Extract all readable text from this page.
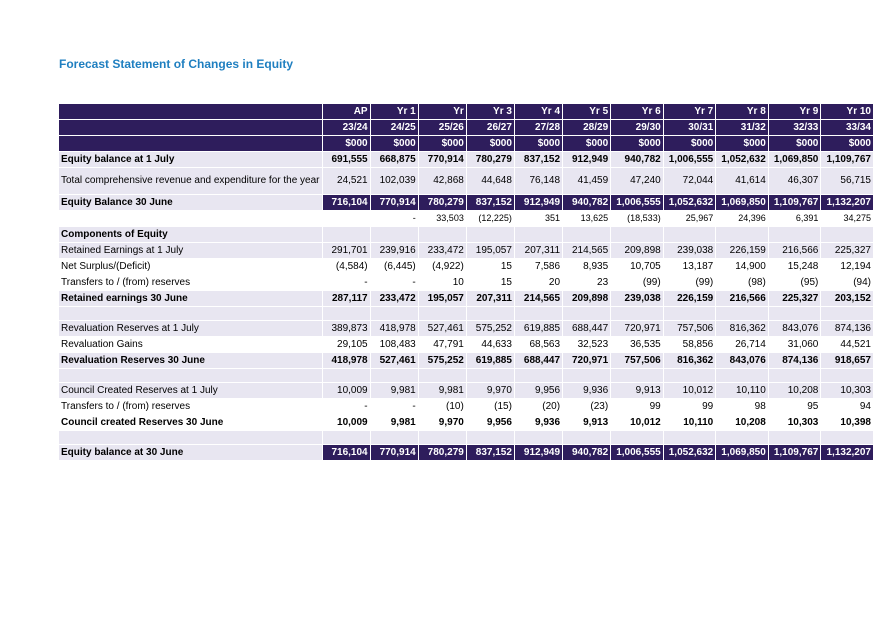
Forecast Statement of Changes in Equity
	AP	Yr 1	Yr	Yr 3	Yr 4	Yr 5	Yr 6	Yr 7	Yr 8	Yr 9	Yr 10
	23/24	24/25	25/26	26/27	27/28	28/29	29/30	30/31	31/32	32/33	33/34
	$000	$000	$000	$000	$000	$000	$000	$000	$000	$000	$000
Equity balance at 1 July	691,555	668,875	770,914	780,279	837,152	912,949	940,782	1,006,555	1,052,632	1,069,850	1,109,767
Total comprehensive revenue and expenditure for the year	24,521	102,039	42,868	44,648	76,148	41,459	47,240	72,044	41,614	46,307	56,715
Equity Balance 30 June	716,104	770,914	780,279	837,152	912,949	940,782	1,006,555	1,052,632	1,069,850	1,109,767	1,132,207
		-	33,503	(12,225)	351	13,625	(18,533)	25,967	24,396	6,391	34,275
Components of Equity											
Retained Earnings at 1 July	291,701	239,916	233,472	195,057	207,311	214,565	209,898	239,038	226,159	216,566	225,327
Net Surplus/(Deficit)	(4,584)	(6,445)	(4,922)	15	7,586	8,935	10,705	13,187	14,900	15,248	12,194
Transfers to / (from) reserves	-	-	10	15	20	23	(99)	(99)	(98)	(95)	(94)
Retained earnings 30 June	287,117	233,472	195,057	207,311	214,565	209,898	239,038	226,159	216,566	225,327	203,152

Revaluation Reserves at 1 July	389,873	418,978	527,461	575,252	619,885	688,447	720,971	757,506	816,362	843,076	874,136
Revaluation Gains	29,105	108,483	47,791	44,633	68,563	32,523	36,535	58,856	26,714	31,060	44,521
Revaluation Reserves 30 June	418,978	527,461	575,252	619,885	688,447	720,971	757,506	816,362	843,076	874,136	918,657

Council Created Reserves at 1 July	10,009	9,981	9,981	9,970	9,956	9,936	9,913	10,012	10,110	10,208	10,303
Transfers to / (from) reserves	-	-	(10)	(15)	(20)	(23)	99	99	98	95	94
Council created Reserves 30 June	10,009	9,981	9,970	9,956	9,936	9,913	10,012	10,110	10,208	10,303	10,398

Equity balance at 30 June	716,104	770,914	780,279	837,152	912,949	940,782	1,006,555	1,052,632	1,069,850	1,109,767	1,132,207
